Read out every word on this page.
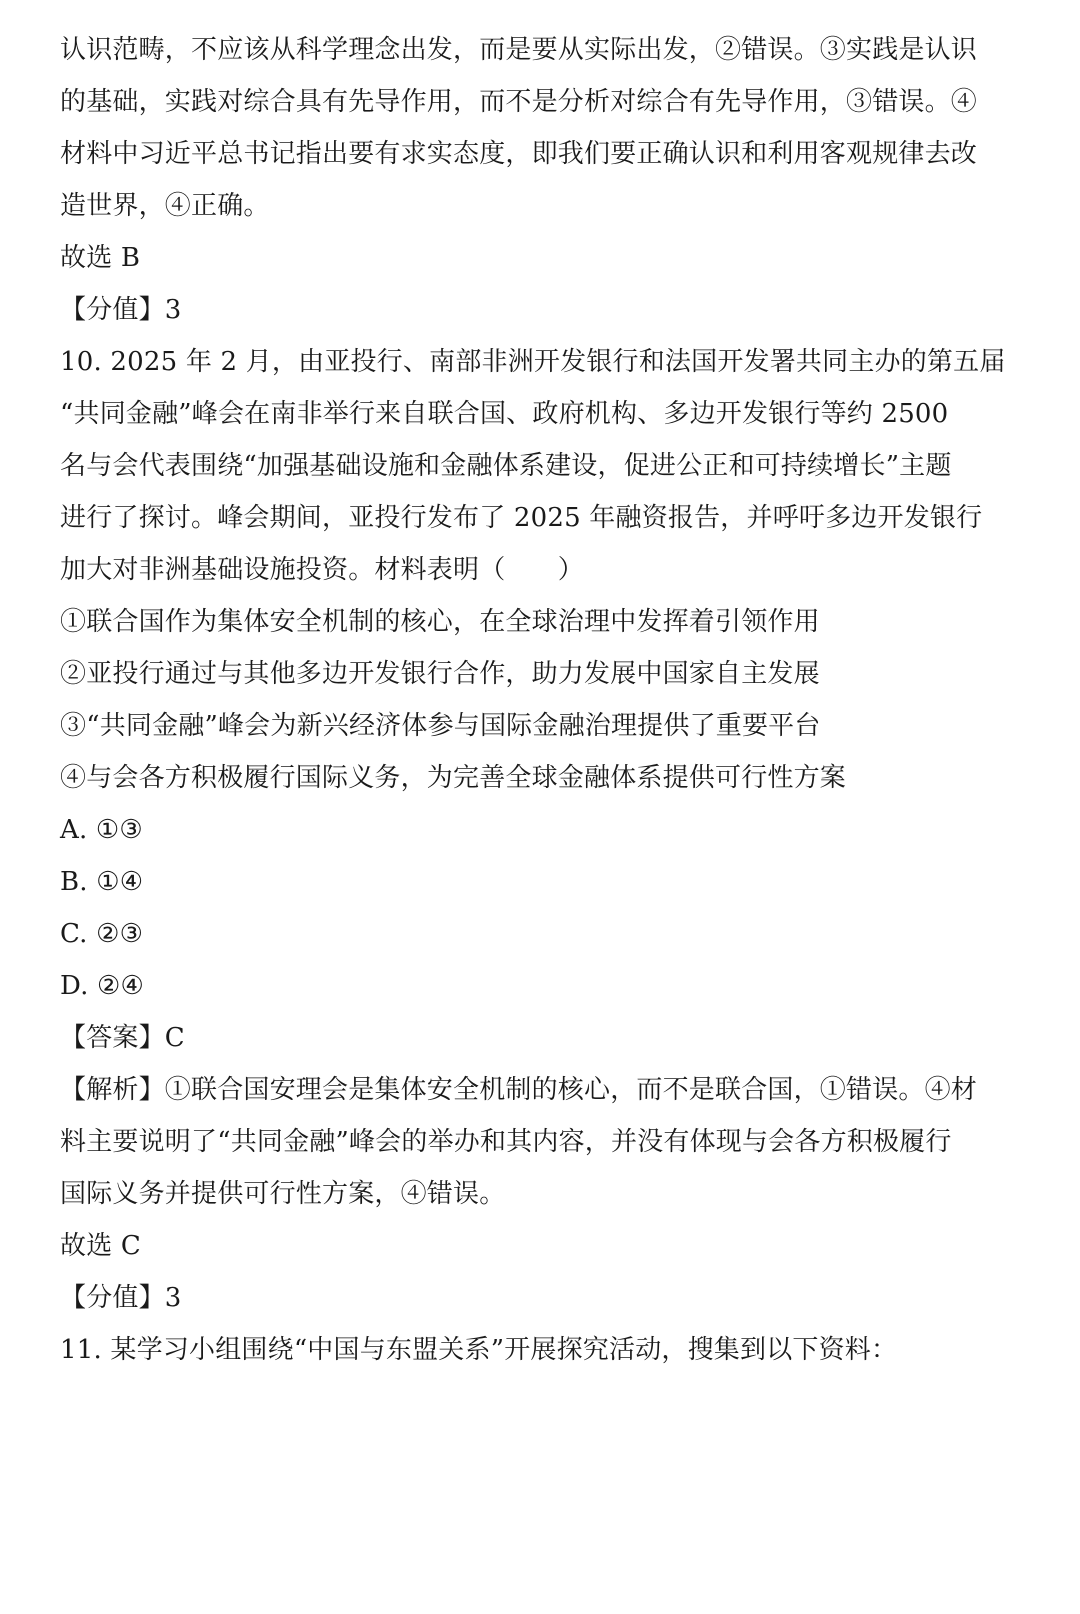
认识范畴，不应该从科学理念出发，而是要从实际出发，②错误。③实践是认识
的基础，实践对综合具有先导作用，而不是分析对综合有先导作用，③错误。④
材料中习近平总书记指出要有求实态度，即我们要正确认识和利用客观规律去改
造世界，④正确。
故选 B
【分值】3
10. 2025 年 2 月，由亚投行、南部非洲开发银行和法国开发署共同主办的第五届
“共同金融”峰会在南非举行来自联合国、政府机构、多边开发银行等约 2500
名与会代表围绕“加强基础设施和金融体系建设，促进公正和可持续增长”主题
进行了探讨。峰会期间，亚投行发布了 2025 年融资报告，并呼吁多边开发银行
加大对非洲基础设施投资。材料表明（　　）
①联合国作为集体安全机制的核心，在全球治理中发挥着引领作用
②亚投行通过与其他多边开发银行合作，助力发展中国家自主发展
③“共同金融”峰会为新兴经济体参与国际金融治理提供了重要平台
④与会各方积极履行国际义务，为完善全球金融体系提供可行性方案
A. ①③
B. ①④
C. ②③
D. ②④
【答案】C
【解析】①联合国安理会是集体安全机制的核心，而不是联合国，①错误。④材
料主要说明了“共同金融”峰会的举办和其内容，并没有体现与会各方积极履行
国际义务并提供可行性方案，④错误。
故选 C
【分值】3
11. 某学习小组围绕“中国与东盟关系”开展探究活动，搜集到以下资料：
